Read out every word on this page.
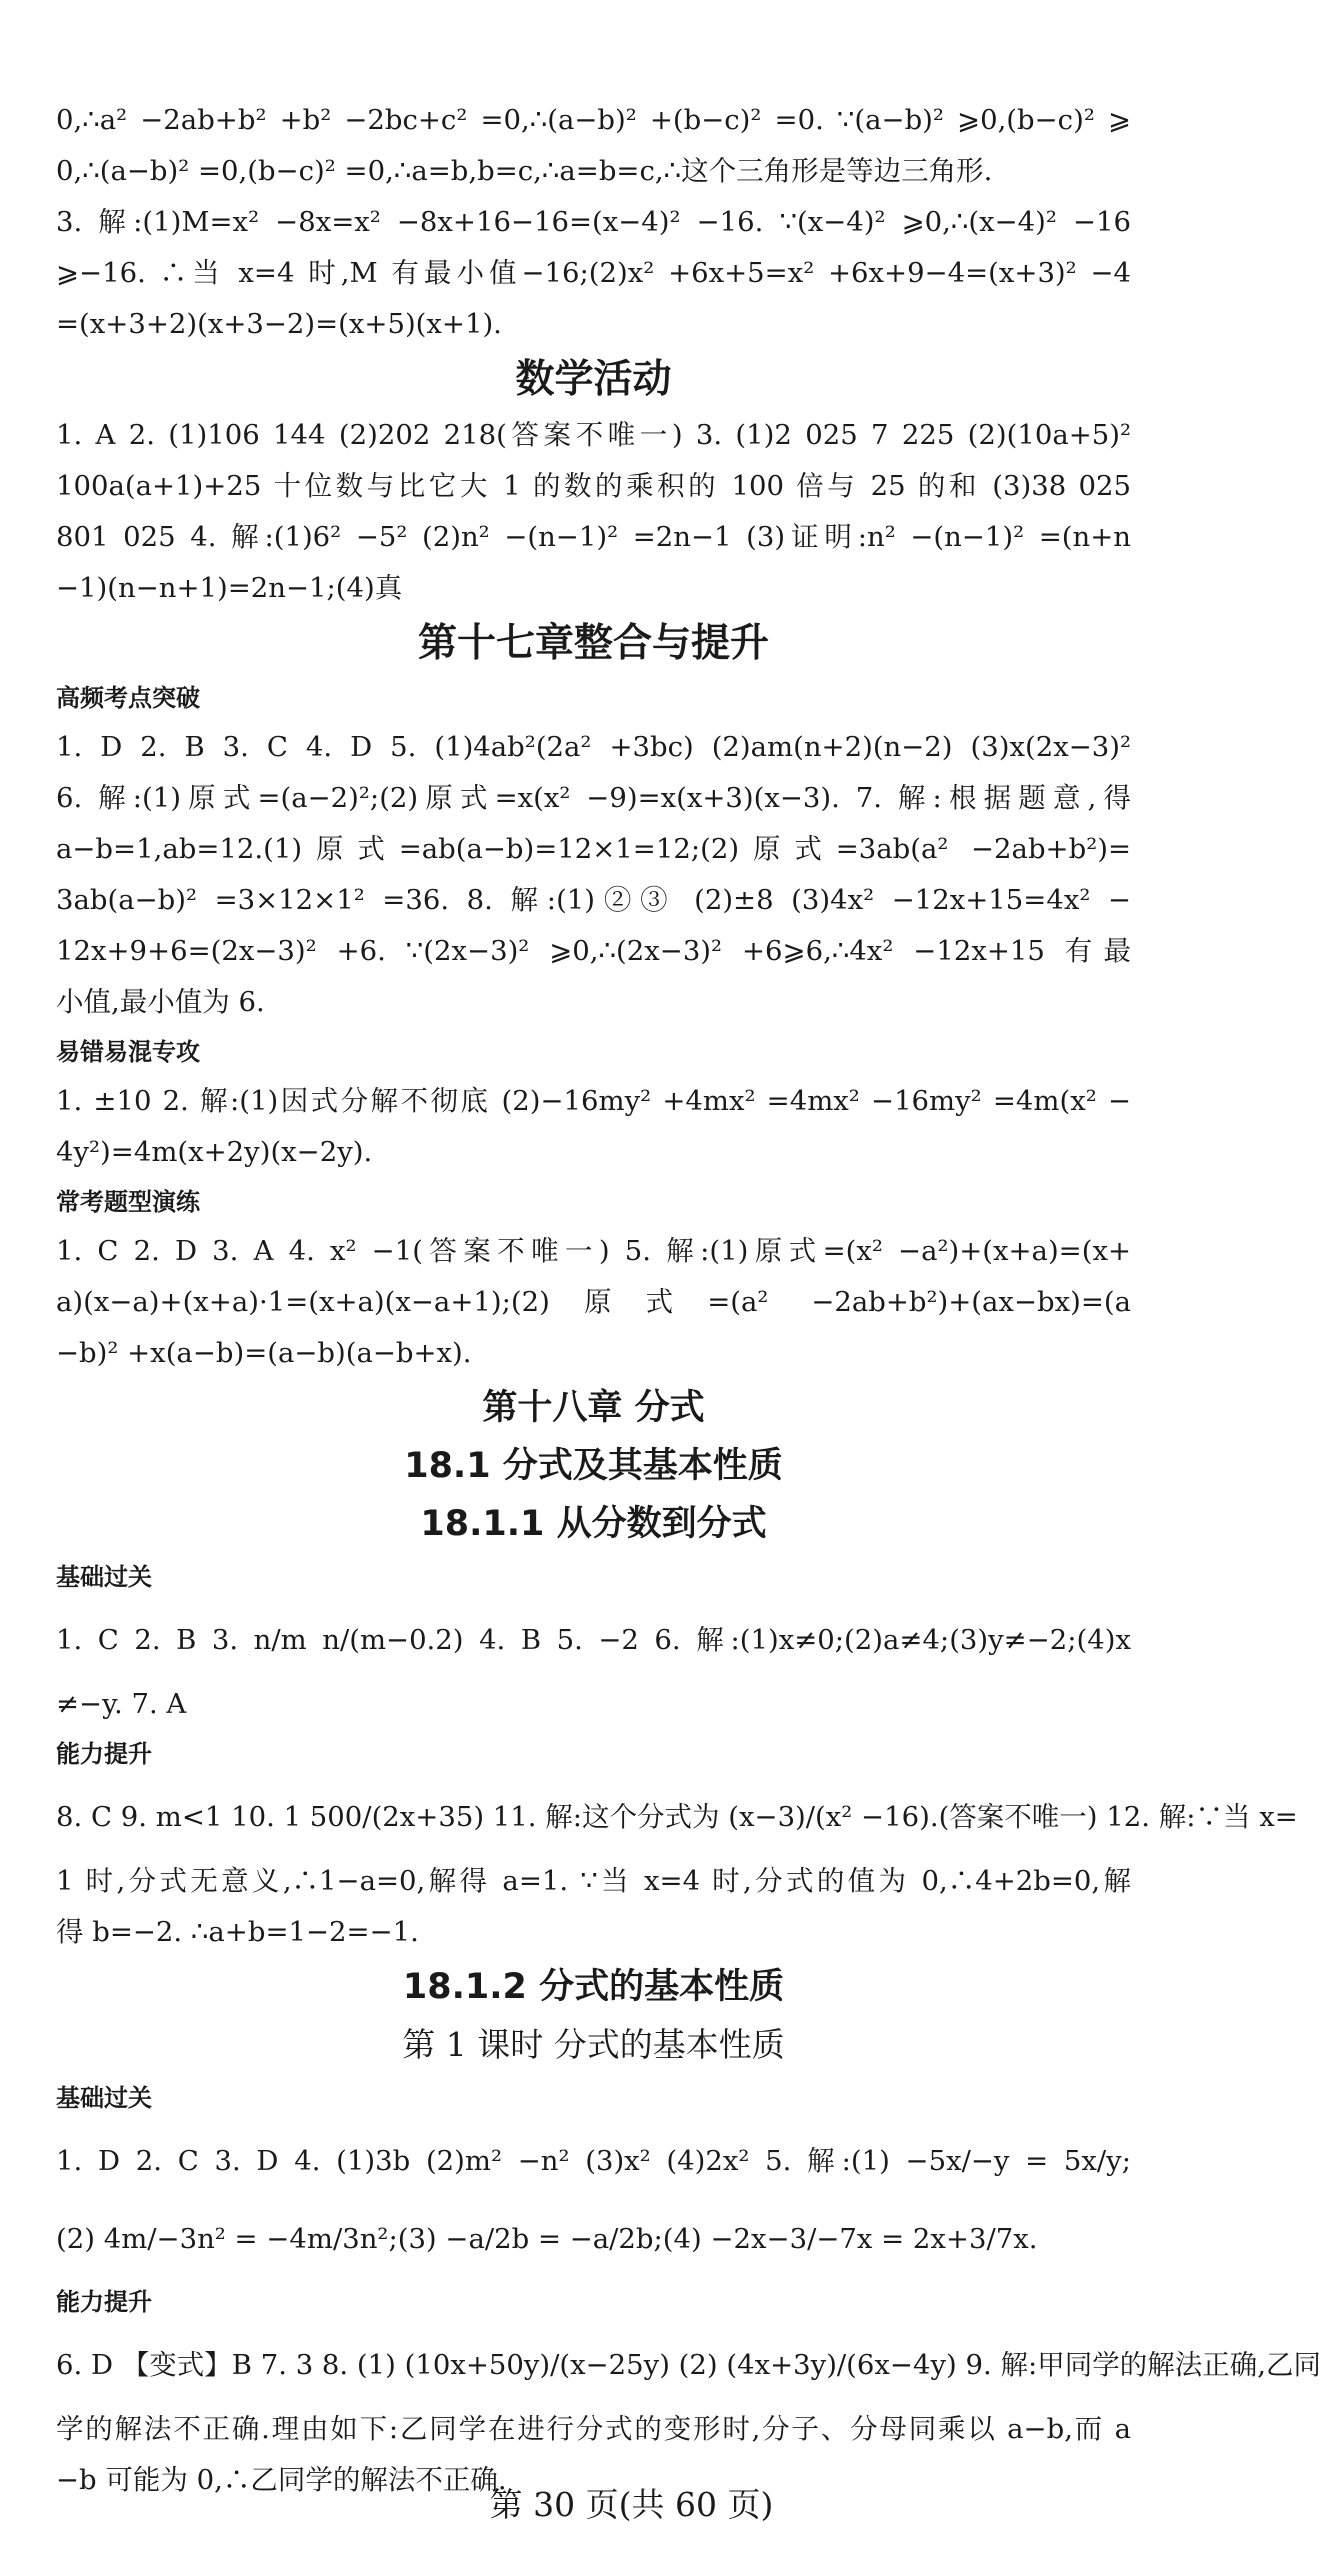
0,∴a² −2ab+b² +b² −2bc+c² =0,∴(a−b)² +(b−c)² =0. ∵(a−b)² ⩾0,(b−c)² ⩾
0,∴(a−b)² =0,(b−c)² =0,∴a=b,b=c,∴a=b=c,∴这个三角形是等边三角形.
3. 解:(1)M=x² −8x=x² −8x+16−16=(x−4)² −16. ∵(x−4)² ⩾0,∴(x−4)² −16
⩾−16. ∴当 x=4 时,M 有最小值−16;(2)x² +6x+5=x² +6x+9−4=(x+3)² −4
=(x+3+2)(x+3−2)=(x+5)(x+1).
数学活动
1. A 2. (1)106 144 (2)202 218(答案不唯一) 3. (1)2 025 7 225 (2)(10a+5)²
100a(a+1)+25 十位数与比它大 1 的数的乘积的 100 倍与 25 的和 (3)38 025
801 025 4. 解:(1)6² −5² (2)n² −(n−1)² =2n−1 (3)证明:n² −(n−1)² =(n+n
−1)(n−n+1)=2n−1;(4)真
第十七章整合与提升
高频考点突破
1. D 2. B 3. C 4. D 5. (1)4ab²(2a² +3bc) (2)am(n+2)(n−2) (3)x(2x−3)²
6. 解:(1)原式=(a−2)²;(2)原式=x(x² −9)=x(x+3)(x−3). 7. 解:根据题意,得
a−b=1,ab=12.(1)原式=ab(a−b)=12×1=12;(2)原式=3ab(a² −2ab+b²)=
3ab(a−b)² =3×12×1² =36. 8. 解:(1)②③ (2)±8 (3)4x² −12x+15=4x² −
12x+9+6=(2x−3)² +6. ∵(2x−3)² ⩾0,∴(2x−3)² +6⩾6,∴4x² −12x+15 有最
小值,最小值为 6.
易错易混专攻
1. ±10 2. 解:(1)因式分解不彻底 (2)−16my² +4mx² =4mx² −16my² =4m(x² −
4y²)=4m(x+2y)(x−2y).
常考题型演练
1. C 2. D 3. A 4. x² −1(答案不唯一) 5. 解:(1)原式=(x² −a²)+(x+a)=(x+
a)(x−a)+(x+a)·1=(x+a)(x−a+1);(2)原式=(a² −2ab+b²)+(ax−bx)=(a
−b)² +x(a−b)=(a−b)(a−b+x).
第十八章 分式
18.1 分式及其基本性质
18.1.1 从分数到分式
基础过关
1. C 2. B 3. n/m n/(m−0.2) 4. B 5. −2 6. 解:(1)x≠0;(2)a≠4;(3)y≠−2;(4)x
≠−y. 7. A
能力提升
8. C 9. m<1 10. 1 500/(2x+35) 11. 解:这个分式为 (x−3)/(x² −16).(答案不唯一) 12. 解:∵当 x=
1 时,分式无意义,∴1−a=0,解得 a=1. ∵当 x=4 时,分式的值为 0,∴4+2b=0,解
得 b=−2. ∴a+b=1−2=−1.
18.1.2 分式的基本性质
第 1 课时 分式的基本性质
基础过关
1. D 2. C 3. D 4. (1)3b (2)m² −n² (3)x² (4)2x² 5. 解:(1) −5x/−y = 5x/y;
(2) 4m/−3n² = −4m/3n²;(3) −a/2b = −a/2b;(4) −2x−3/−7x = 2x+3/7x.
能力提升
6. D 【变式】B 7. 3 8. (1) (10x+50y)/(x−25y) (2) (4x+3y)/(6x−4y) 9. 解:甲同学的解法正确,乙同
学的解法不正确.理由如下:乙同学在进行分式的变形时,分子、分母同乘以 a−b,而 a
−b 可能为 0,∴乙同学的解法不正确.
第 30 页(共 60 页)
